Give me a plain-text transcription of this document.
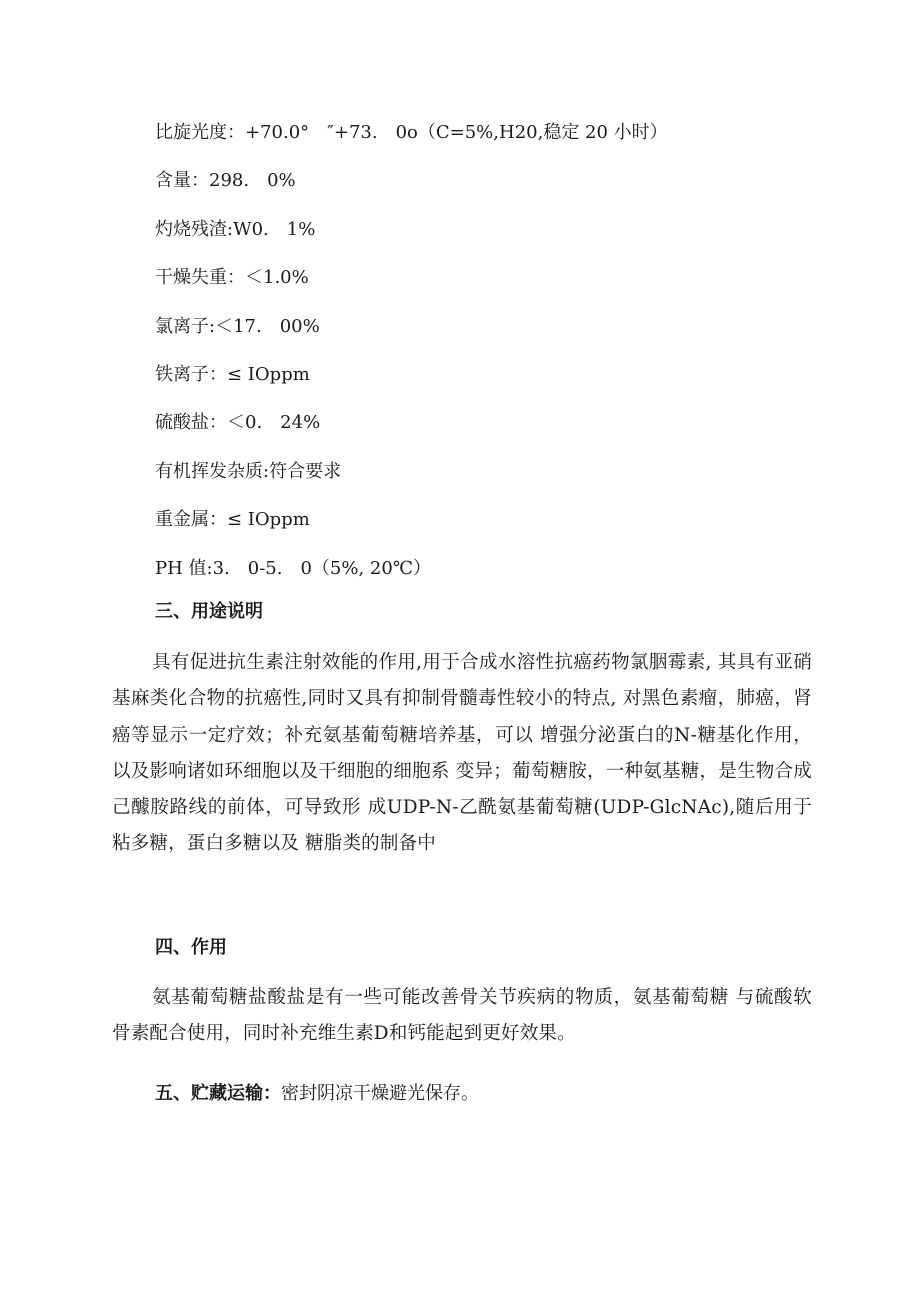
比旋光度：+70.0°　″+73.　0o（C=5%,H20,稳定 20 小时）
含量：298.　0%
灼烧残渣:W0.　1%
干燥失重：＜1.0%
氯离子:＜17.　00%
铁离子：≤ IOppm
硫酸盐：＜0.　24%
有机挥发杂质:符合要求
重金属：≤ IOppm
PH 值:3.　0-5.　0（5%, 20℃）
三、用途说明

具有促进抗生素注射效能的作用,用于合成水溶性抗癌药物氯胭霉素, 其具有亚硝基麻类化合物的抗癌性,同时又具有抑制骨髓毒性较小的特点, 对黑色素瘤，肺癌，肾癌等显示一定疗效；补充氨基葡萄糖培养基，可以 增强分泌蛋白的N-糖基化作用，以及影响诸如环细胞以及干细胞的细胞系 变异；葡萄糖胺，一种氨基糖，是生物合成己醵胺路线的前体，可导致形 成UDP-N-乙酰氨基葡萄糖(UDP-GlcNAc),随后用于粘多糖，蛋白多糖以及 糖脂类的制备中

四、作用

氨基葡萄糖盐酸盐是有一些可能改善骨关节疾病的物质，氨基葡萄糖 与硫酸软骨素配合使用，同时补充维生素D和钙能起到更好效果。

五、贮藏运输：密封阴凉干燥避光保存。
